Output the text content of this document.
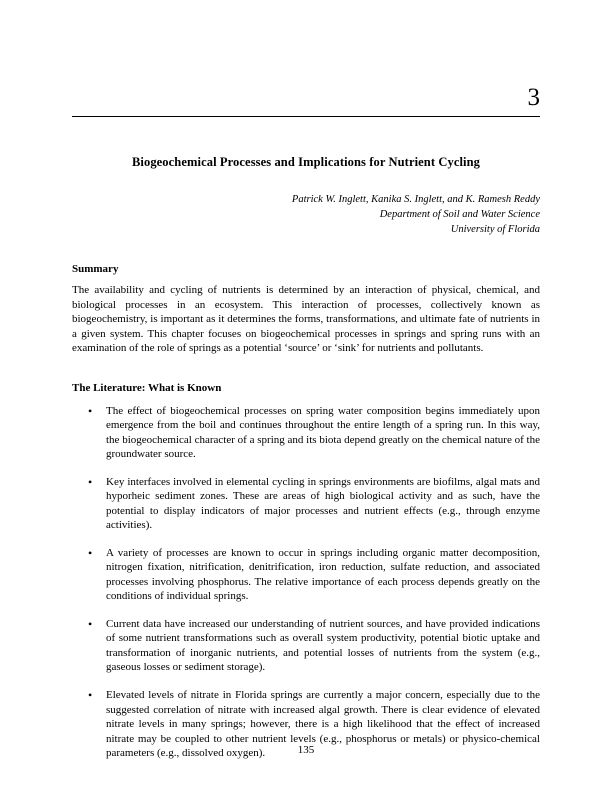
3
Biogeochemical Processes and Implications for Nutrient Cycling
Patrick W. Inglett, Kanika S. Inglett, and K. Ramesh Reddy
Department of Soil and Water Science
University of Florida
Summary

The availability and cycling of nutrients is determined by an interaction of physical, chemical, and biological processes in an ecosystem. This interaction of processes, collectively known as biogeochemistry, is important as it determines the forms, transformations, and ultimate fate of nutrients in a given system. This chapter focuses on biogeochemical processes in springs and spring runs with an examination of the role of springs as a potential ‘source’ or ‘sink’ for nutrients and pollutants.

The Literature: What is Known
• The effect of biogeochemical processes on spring water composition begins immediately upon emergence from the boil and continues throughout the entire length of a spring run. In this way, the biogeochemical character of a spring and its biota depend greatly on the chemical nature of the groundwater source.
• Key interfaces involved in elemental cycling in springs environments are biofilms, algal mats and hyporheic sediment zones. These are areas of high biological activity and as such, have the potential to display indicators of major processes and nutrient effects (e.g., through enzyme activities).
• A variety of processes are known to occur in springs including organic matter decomposition, nitrogen fixation, nitrification, denitrification, iron reduction, sulfate reduction, and associated processes involving phosphorus. The relative importance of each process depends greatly on the conditions of individual springs.
• Current data have increased our understanding of nutrient sources, and have provided indications of some nutrient transformations such as overall system productivity, potential biotic uptake and transformation of inorganic nutrients, and potential losses of nutrients from the system (e.g., gaseous losses or sediment storage).
• Elevated levels of nitrate in Florida springs are currently a major concern, especially due to the suggested correlation of nitrate with increased algal growth. There is clear evidence of elevated nitrate levels in many springs; however, there is a high likelihood that the effect of increased nitrate may be coupled to other nutrient levels (e.g., phosphorus or metals) or physico-chemical parameters (e.g., dissolved oxygen).	135
